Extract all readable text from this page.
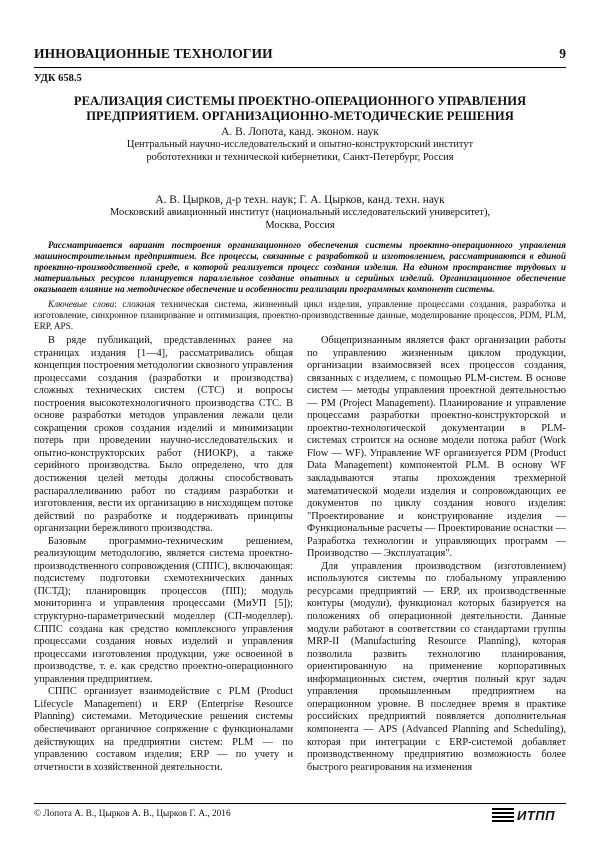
ИННОВАЦИОННЫЕ ТЕХНОЛОГИИ	9
УДК 658.5
РЕАЛИЗАЦИЯ СИСТЕМЫ ПРОЕКТНО-ОПЕРАЦИОННОГО УПРАВЛЕНИЯ
ПРЕДПРИЯТИЕМ. ОРГАНИЗАЦИОННО-МЕТОДИЧЕСКИЕ РЕШЕНИЯ
А. В. Лопота, канд. эконом. наук
Центральный научно-исследовательский и опытно-конструкторский институт
робототехники и технической кибернетики, Санкт-Петербург, Россия
А. В. Цырков, д-р техн. наук; Г. А. Цырков, канд. техн. наук
Московский авиационный институт (национальный исследовательский университет),
Москва, Россия
Рассматривается вариант построения организационного обеспечения системы проектно-операционного управления машиностроительным предприятием. Все процессы, связанные с разработкой и изготовлением, рассматриваются в единой проектно-производственной среде, в которой реализуется процесс создания изделия. На едином пространстве трудовых и материальных ресурсов планируется параллельное создание опытных и серийных изделий. Организационное обеспечение оказывает влияние на методическое обеспечение и особенности реализации программных компонент системы.
Ключевые слова: сложная техническая система, жизненный цикл изделия, управление процессами создания, разработка и изготовление, синхронное планирование и оптимизация, проектно-производственные данные, моделирование процессов, PDM, PLM, ERP, APS.

В ряде публикаций, представленных ранее на страницах издания [1—4], рассматривались общая концепция построения методологии сквозного управления процессами создания (разработки и производства) сложных технических систем (СТС) и вопросы построения высокотехнологичного производства СТС. В основе разработки методов управления лежали цели сокращения сроков создания изделий и минимизации потерь при проведении научно-исследовательских и опытно-конструкторских работ (НИОКР), а также серийного производства. Было определено, что для достижения целей методы должны способствовать распараллеливанию работ по стадиям разработки и изготовления, вести их организацию в нисходящем потоке действий по разработке и поддерживать принципы организации бережливого производства.

Базовым программно-техническим решением, реализующим методологию, является система проектно-производственного сопровождения (СППС), включающая: подсистему подготовки схемотехнических данных (ПСТД); планировщик процессов (ПП); модуль мониторинга и управления процессами (МиУП [5]); структурно-параметрический моделлер (СП-моделлер). СППС создана как средство комплексного управления процессами создания новых изделий и управления процессами изготовления продукции, уже освоенной в производстве, т. е. как средство проектно-операционного управления предприятием.

СППС организует взаимодействие с PLM (Product Lifecycle Management) и ERP (Enterprise Resource Planning) системами. Методические решения системы обеспечивают органичное сопряжение с функционалами действующих на предприятии систем: PLM — по управлению составом изделия; ERP — по учету и отчетности в хозяйственной деятельности.

Общепризнанным является факт организации работы по управлению жизненным циклом продукции, организации взаимосвязей всех процессов создания, связанных с изделием, с помощью PLM-систем. В основе систем — методы управления проектной деятельностью — PM (Project Management). Планирование и управление процессами разработки проектно-конструкторской и проектно-технологической документации в PLM-системах строится на основе модели потока работ (Work Flow — WF). Управление WF организуется PDM (Product Data Management) компонентой PLM. В основу WF закладываются этапы прохождения трехмерной математической модели изделия и сопровождающих ее документов по циклу создания нового изделия: "Проектирование и конструирование изделия — Функциональные расчеты — Проектирование оснастки — Разработка технологии и управляющих программ — Производство — Эксплуатация".

Для управления производством (изготовлением) используются системы по глобальному управлению ресурсами предприятий — ERP, их производственные контуры (модули), функционал которых базируется на положениях об операционной деятельности. Данные модули работают в соответствии со стандартами группы MRP-II (Manufacturing Resource Planning), которая позволила развить технологию планирования, ориентированную на применение корпоративных информационных систем, очертив полный круг задач управления промышленным предприятием на операционном уровне. В последнее время в практике российских предприятий появляется дополнительная компонента — APS (Advanced Planning and Scheduling), которая при интеграции с ERP-системой добавляет производственному предприятию возможность более быстрого реагирования на изменения

© Лопота А. В., Цырков А. В., Цырков Г. А., 2016	ИТПП
